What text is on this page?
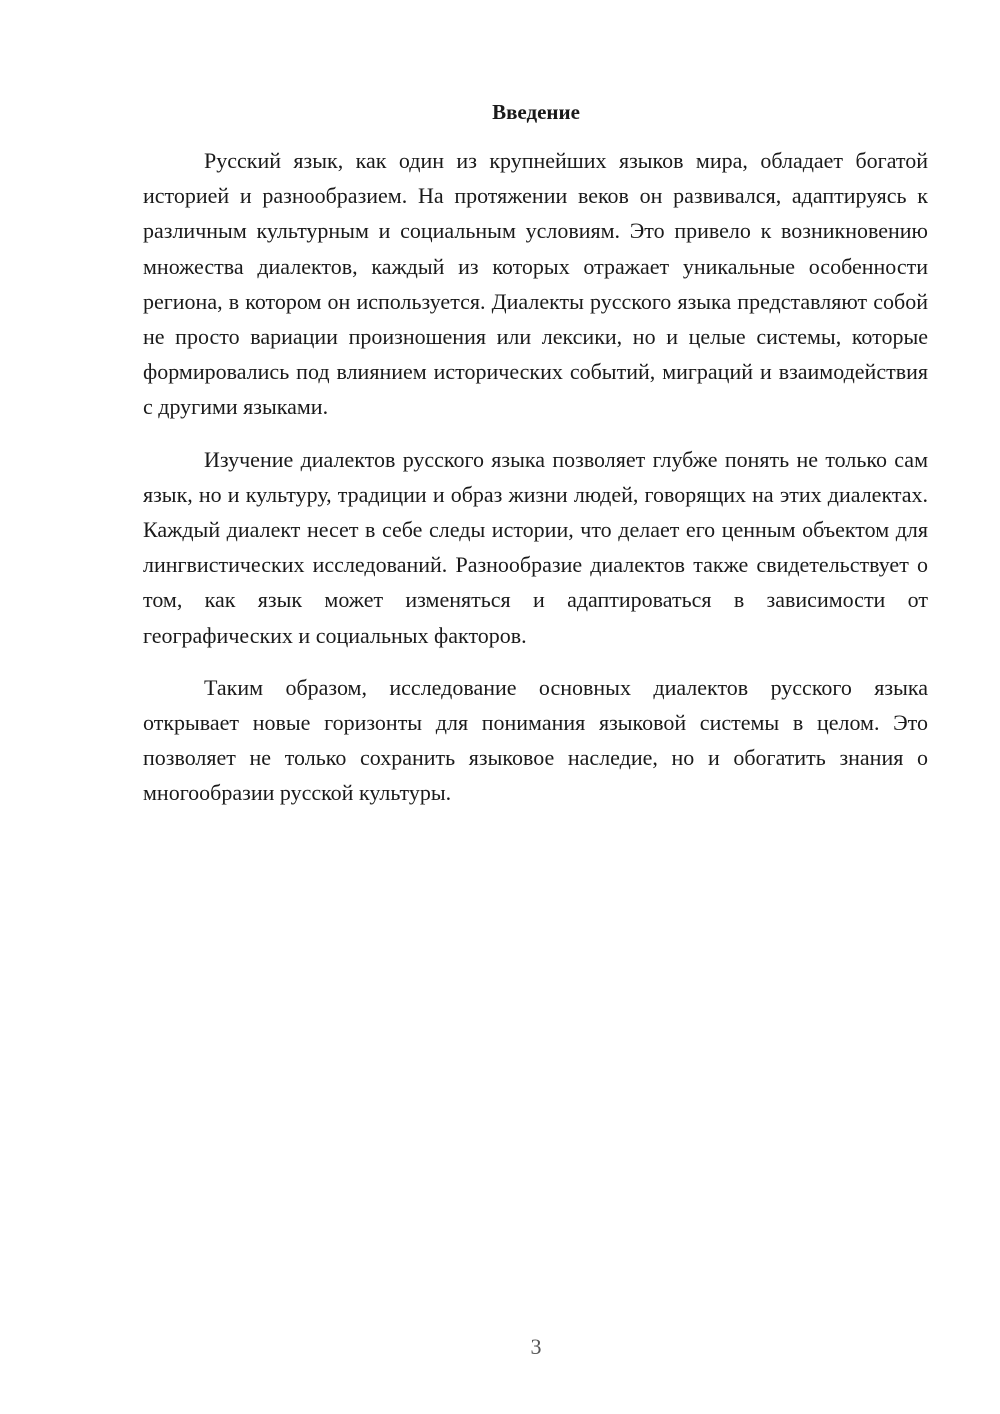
Введение

Русский язык, как один из крупнейших языков мира, обладает богатой историей и разнообразием. На протяжении веков он развивался, адаптируясь к различным культурным и социальным условиям. Это привело к возникновению множества диалектов, каждый из которых отражает уникальные особенности региона, в котором он используется. Диалекты русского языка представляют собой не просто вариации произношения или лексики, но и целые системы, которые формировались под влиянием исторических событий, миграций и взаимодействия с другими языками.

Изучение диалектов русского языка позволяет глубже понять не только сам язык, но и культуру, традиции и образ жизни людей, говорящих на этих диалектах. Каждый диалект несет в себе следы истории, что делает его ценным объектом для лингвистических исследований. Разнообразие диалектов также свидетельствует о том, как язык может изменяться и адаптироваться в зависимости от географических и социальных факторов.

Таким образом, исследование основных диалектов русского языка открывает новые горизонты для понимания языковой системы в целом. Это позволяет не только сохранить языковое наследие, но и обогатить знания о многообразии русской культуры.

3
